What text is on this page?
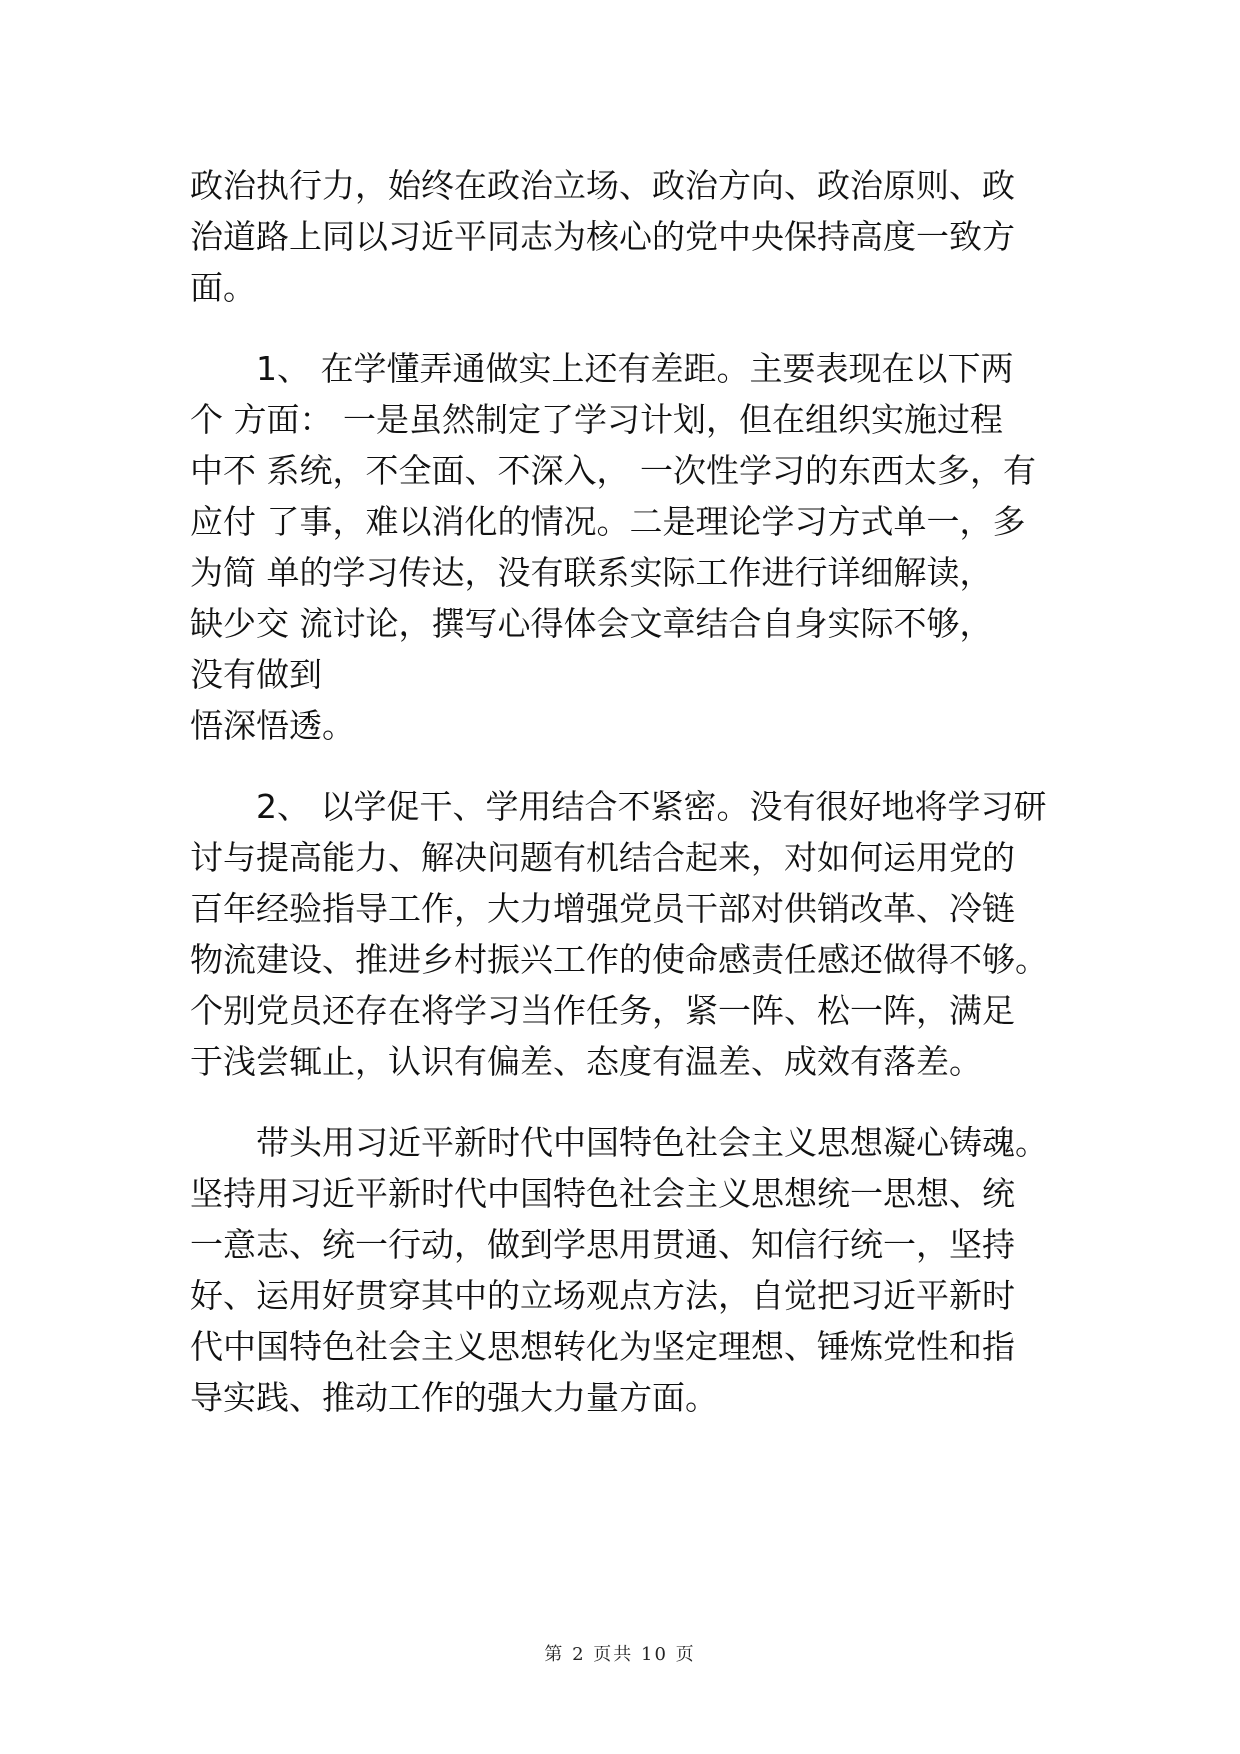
政治执行力，始终在政治立场、政治方向、政治原则、政
治道路上同以习近平同志为核心的党中央保持高度一致方
面。

1、 在学懂弄通做实上还有差距。主要表现在以下两
个 方面： 一是虽然制定了学习计划，但在组织实施过程
中不 系统，不全面、不深入， 一次性学习的东西太多，有
应付 了事，难以消化的情况。二是理论学习方式单一，多
为简 单的学习传达，没有联系实际工作进行详细解读，
缺少交 流讨论，撰写心得体会文章结合自身实际不够，
没有做到
悟深悟透。

2、 以学促干、学用结合不紧密。没有很好地将学习研
讨与提高能力、解决问题有机结合起来，对如何运用党的
百年经验指导工作，大力增强党员干部对供销改革、冷链
物流建设、推进乡村振兴工作的使命感责任感还做得不够。
个别党员还存在将学习当作任务，紧一阵、松一阵，满足
于浅尝辄止，认识有偏差、态度有温差、成效有落差。

带头用习近平新时代中国特色社会主义思想凝心铸魂。
坚持用习近平新时代中国特色社会主义思想统一思想、统
一意志、统一行动，做到学思用贯通、知信行统一，坚持
好、运用好贯穿其中的立场观点方法，自觉把习近平新时
代中国特色社会主义思想转化为坚定理想、锤炼党性和指
导实践、推动工作的强大力量方面。

第 2 页共 10 页
